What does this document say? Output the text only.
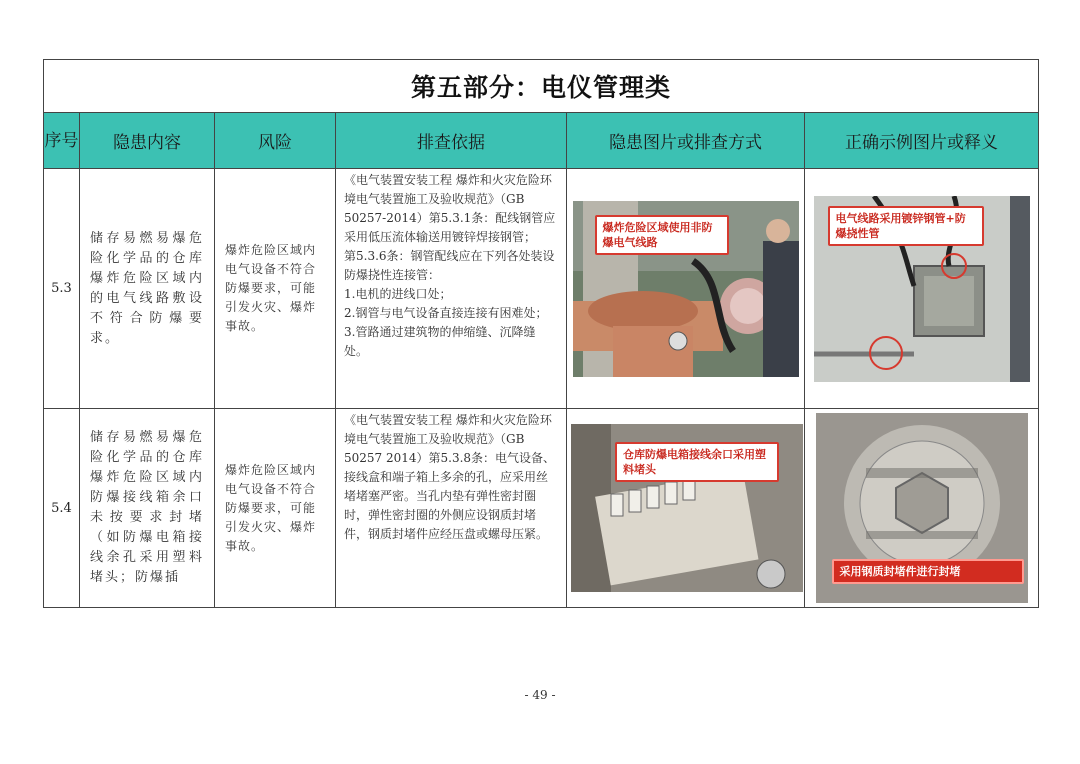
第五部分：电仪管理类					
序号	隐患内容	风险	排查依据	隐患图片或排查方式	正确示例图片或释义
5.3	储存易燃易爆危险化学品的仓库爆炸危险区域内的电气线路敷设不符合防爆要求。	爆炸危险区域内电气设备不符合防爆要求，可能引发火灾、爆炸事故。	《电气装置安装工程 爆炸和火灾危险环境电气装置施工及验收规范》（GB 50257-2014）第5.3.1条：配线钢管应采用低压流体输送用镀锌焊接钢管；
第5.3.6条：钢管配线应在下列各处装设防爆挠性连接管：
1.电机的进线口处；
2.钢管与电气设备直接连接有困难处；
3.管路通过建筑物的伸缩缝、沉降缝处。	爆炸危险区域使用非防爆电气线路	电气线路采用镀锌钢管+防爆挠性管

5.4	储存易燃易爆危险化学品的仓库爆炸危险区域内防爆接线箱余口未按要求封堵（如防爆电箱接线余孔采用塑料堵头；防爆插	爆炸危险区域内电气设备不符合防爆要求，可能引发火灾、爆炸事故。	《电气装置安装工程 爆炸和火灾危险环境电气装置施工及验收规范》（GB 50257 2014）第5.3.8条：电气设备、接线盒和端子箱上多余的孔，应采用丝堵堵塞严密。当孔内垫有弹性密封圈时，弹性密封圈的外侧应设钢质封堵件，钢质封堵件应经压盘或螺母压紧。	仓库防爆电箱接线余口采用塑料堵头	采用钢质封堵件进行封堵
- 49 -
